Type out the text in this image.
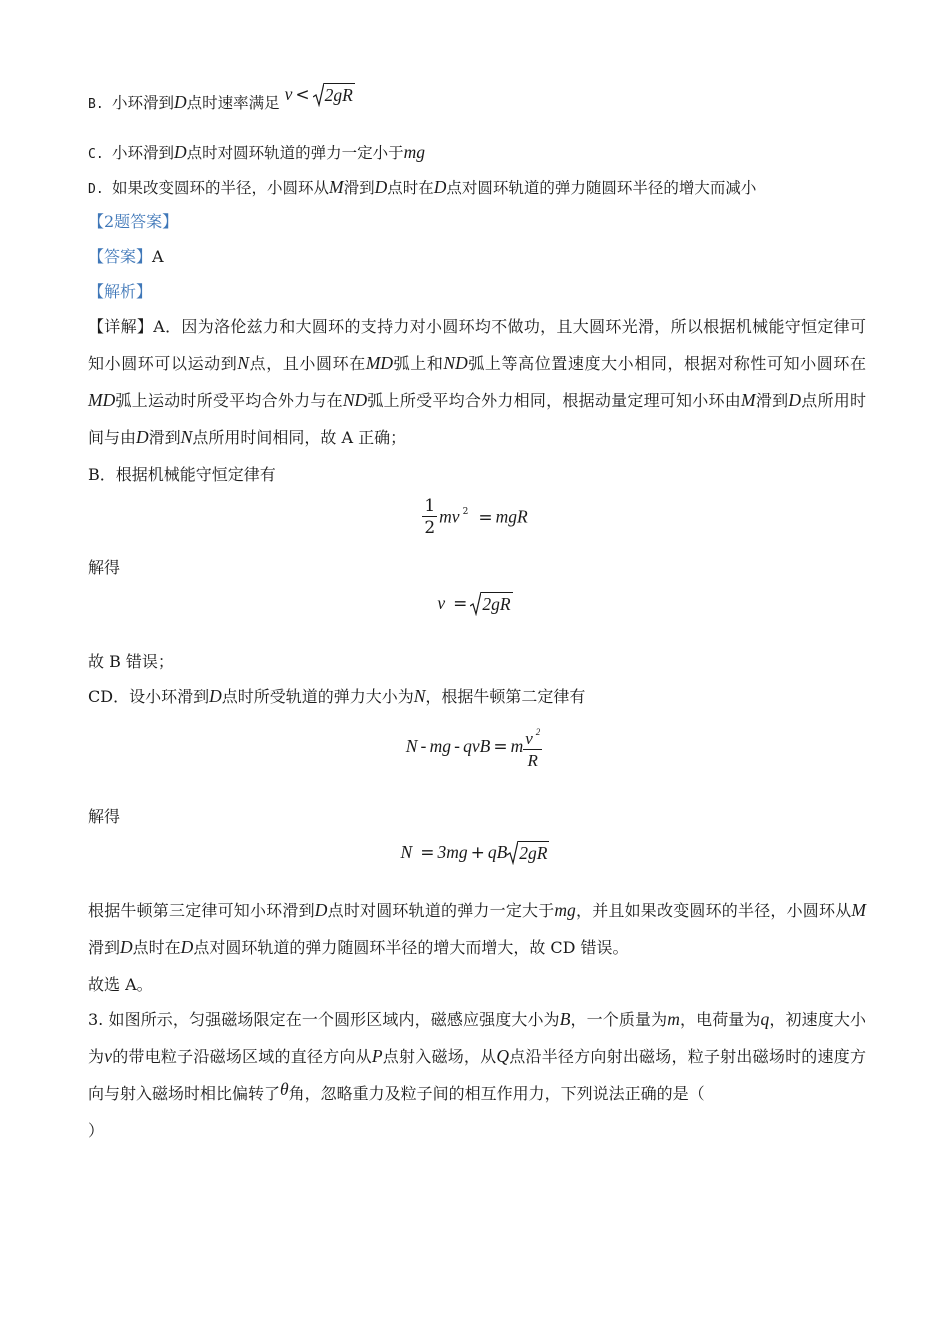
B. 小环滑到D点时速率满足 v < 2gR
C. 小环滑到D点时对圆环轨道的弹力一定小于mg
D. 如果改变圆环的半径，小圆环从M滑到D点时在D点对圆环轨道的弹力随圆环半径的增大而减小
【2题答案】
【答案】A
【解析】
【详解】A．因为洛伦兹力和大圆环的支持力对小圆环均不做功，且大圆环光滑，所以根据机械能守恒定律可知小圆环可以运动到N点，且小圆环在MD弧上和ND弧上等高位置速度大小相同，根据对称性可知小圆环在MD弧上运动时所受平均合外力与在ND弧上所受平均合外力相同，根据动量定理可知小环由M滑到D点所用时间与由D滑到N点所用时间相同，故 A 正确；
B．根据机械能守恒定律有
$\frac{1}{2}$ mv $^2$ = mgR
解得
v = 2gR
故 B 错误；
CD．设小环滑到D点时所受轨道的弹力大小为N，根据牛顿第二定律有
N - mg - qvB = m $\frac{v ^2}{R}$
解得
N = 3mg + qB 2gR
根据牛顿第三定律可知小环滑到D点时对圆环轨道的弹力一定大于mg，并且如果改变圆环的半径，小圆环从M滑到D点时在D点对圆环轨道的弹力随圆环半径的增大而增大，故 CD 错误。
故选 A。
3. 如图所示，匀强磁场限定在一个圆形区域内，磁感应强度大小为B，一个质量为m，电荷量为q，初速度大小为v的带电粒子沿磁场区域的直径方向从P点射入磁场，从Q点沿半径方向射出磁场，粒子射出磁场时的速度方向与射入磁场时相比偏转了θ角，忽略重力及粒子间的相互作用力，下列说法正确的是（
）
